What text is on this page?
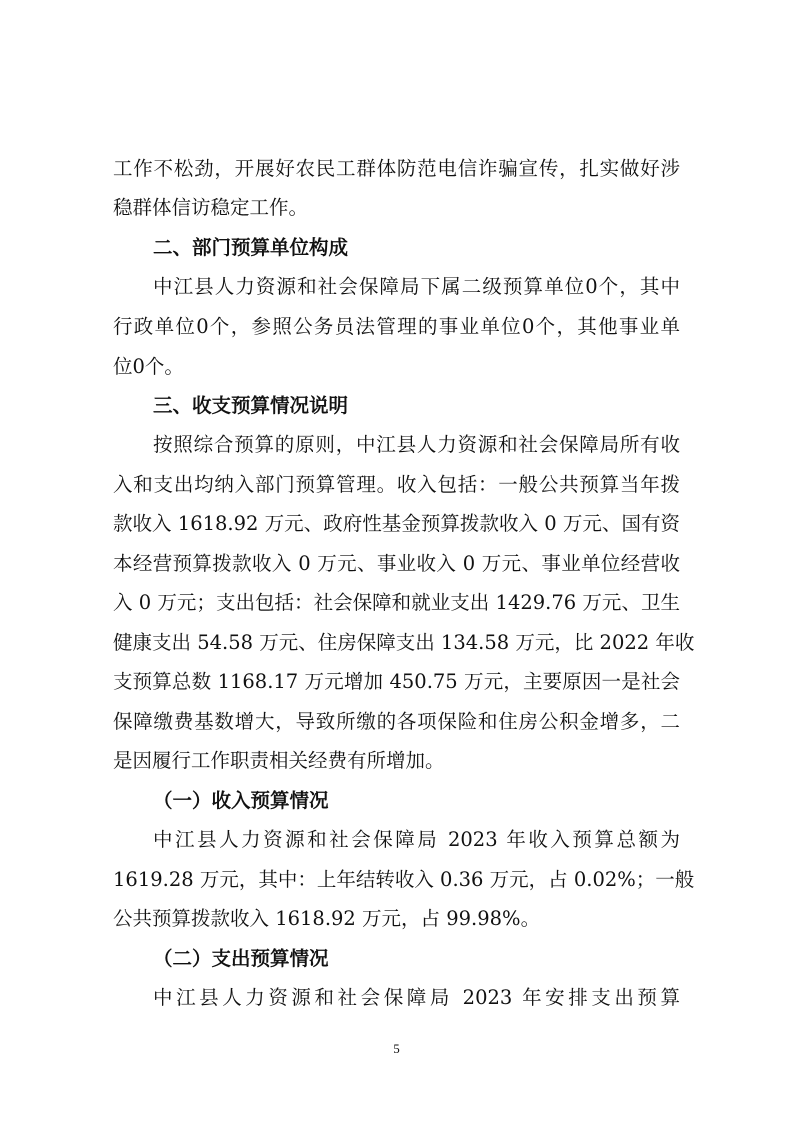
工作不松劲，开展好农民工群体防范电信诈骗宣传，扎实做好涉
稳群体信访稳定工作。
二、部门预算单位构成
中江县人力资源和社会保障局下属二级预算单位0个，其中
行政单位0个，参照公务员法管理的事业单位0个，其他事业单
位0个。
三、收支预算情况说明
按照综合预算的原则，中江县人力资源和社会保障局所有收
入和支出均纳入部门预算管理。收入包括：一般公共预算当年拨
款收入 1618.92 万元、政府性基金预算拨款收入 0 万元、国有资
本经营预算拨款收入 0 万元、事业收入 0 万元、事业单位经营收
入 0 万元；支出包括：社会保障和就业支出 1429.76 万元、卫生
健康支出 54.58 万元、住房保障支出 134.58 万元，比 2022 年收
支预算总数 1168.17 万元增加 450.75 万元，主要原因一是社会
保障缴费基数增大，导致所缴的各项保险和住房公积金增多，二
是因履行工作职责相关经费有所增加。
（一）收入预算情况
中江县人力资源和社会保障局 2023 年收入预算总额为
1619.28 万元，其中：上年结转收入 0.36 万元，占 0.02%；一般
公共预算拨款收入 1618.92 万元，占 99.98%。
（二）支出预算情况
中江县人力资源和社会保障局 2023 年安排支出预算
5
